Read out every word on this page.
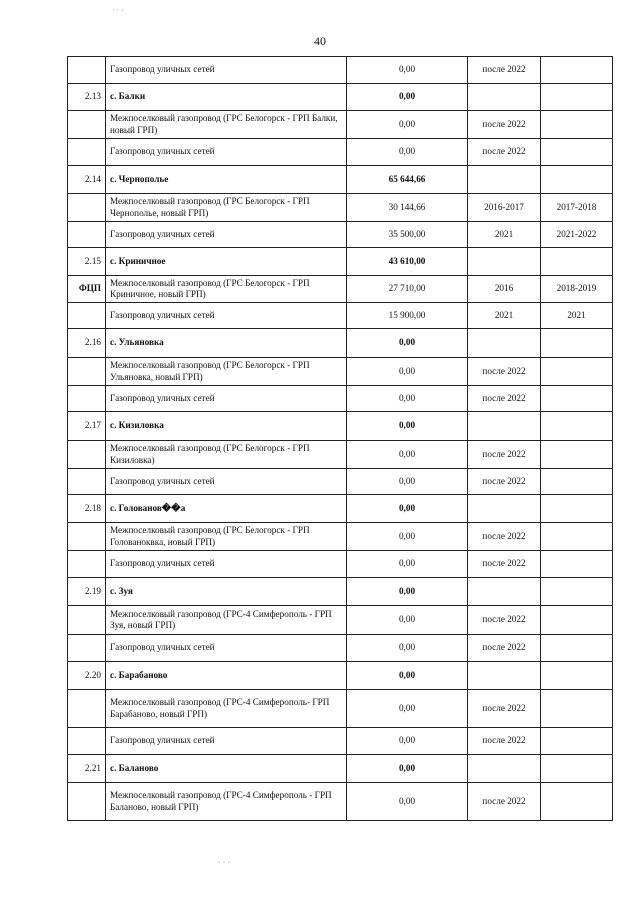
40
	Газопровод уличных сетей	0,00	после 2022	
2.13	с. Балки	0,00		
	Межпоселковый газопровод (ГРС Белогорск - ГРП Балки, новый ГРП)	0,00	после 2022	
	Газопровод уличных сетей	0,00	после 2022	
2.14	с. Чернополье	65 644,66		
	Межпоселковый газопровод (ГРС Белогорск - ГРП Чернополье, новый ГРП)	30 144,66	2016-2017	2017-2018
	Газопровод уличных сетей	35 500,00	2021	2021-2022
2.15	с. Криничное	43 610,00		
ФЦП	Межпоселковый газопровод (ГРС Белогорск - ГРП Криничное, новый ГРП)	27 710,00	2016	2018-2019
	Газопровод уличных сетей	15 900,00	2021	2021
2.16	с. Ульяновка	0,00		
	Межпоселковый газопровод (ГРС Белогорск - ГРП Ульяновка, новый ГРП)	0,00	после 2022	
	Газопровод уличных сетей	0,00	после 2022	
2.17	с. Кизиловка	0,00		
	Межпоселковый газопровод (ГРС Белогорск - ГРП Кизиловка)	0,00	после 2022	
	Газопровод уличных сетей	0,00	после 2022	
2.18	с. Голованов��а	0,00		
	Межпоселковый газопровод (ГРС Белогорск - ГРП Голованоквка, новый ГРП)	0,00	после 2022	
	Газопровод уличных сетей	0,00	после 2022	
2.19	с. Зуя	0,00		
	Межпоселковый газопровод (ГРС-4 Симферополь - ГРП Зуя, новый ГРП)	0,00	после 2022	
	Газопровод уличных сетей	0,00	после 2022	
2.20	с. Барабаново	0,00		
	Межпоселковый газопровод (ГРС-4 Симферополь- ГРП Барабаново, новый ГРП)	0,00	после 2022	
	Газопровод уличных сетей	0,00	после 2022	
2.21	с. Баланово	0,00		
	Межпоселковый газопровод (ГРС-4 Симферополь - ГРП Баланово, новый ГРП)	0,00	после 2022	
· · ·
· · ·
